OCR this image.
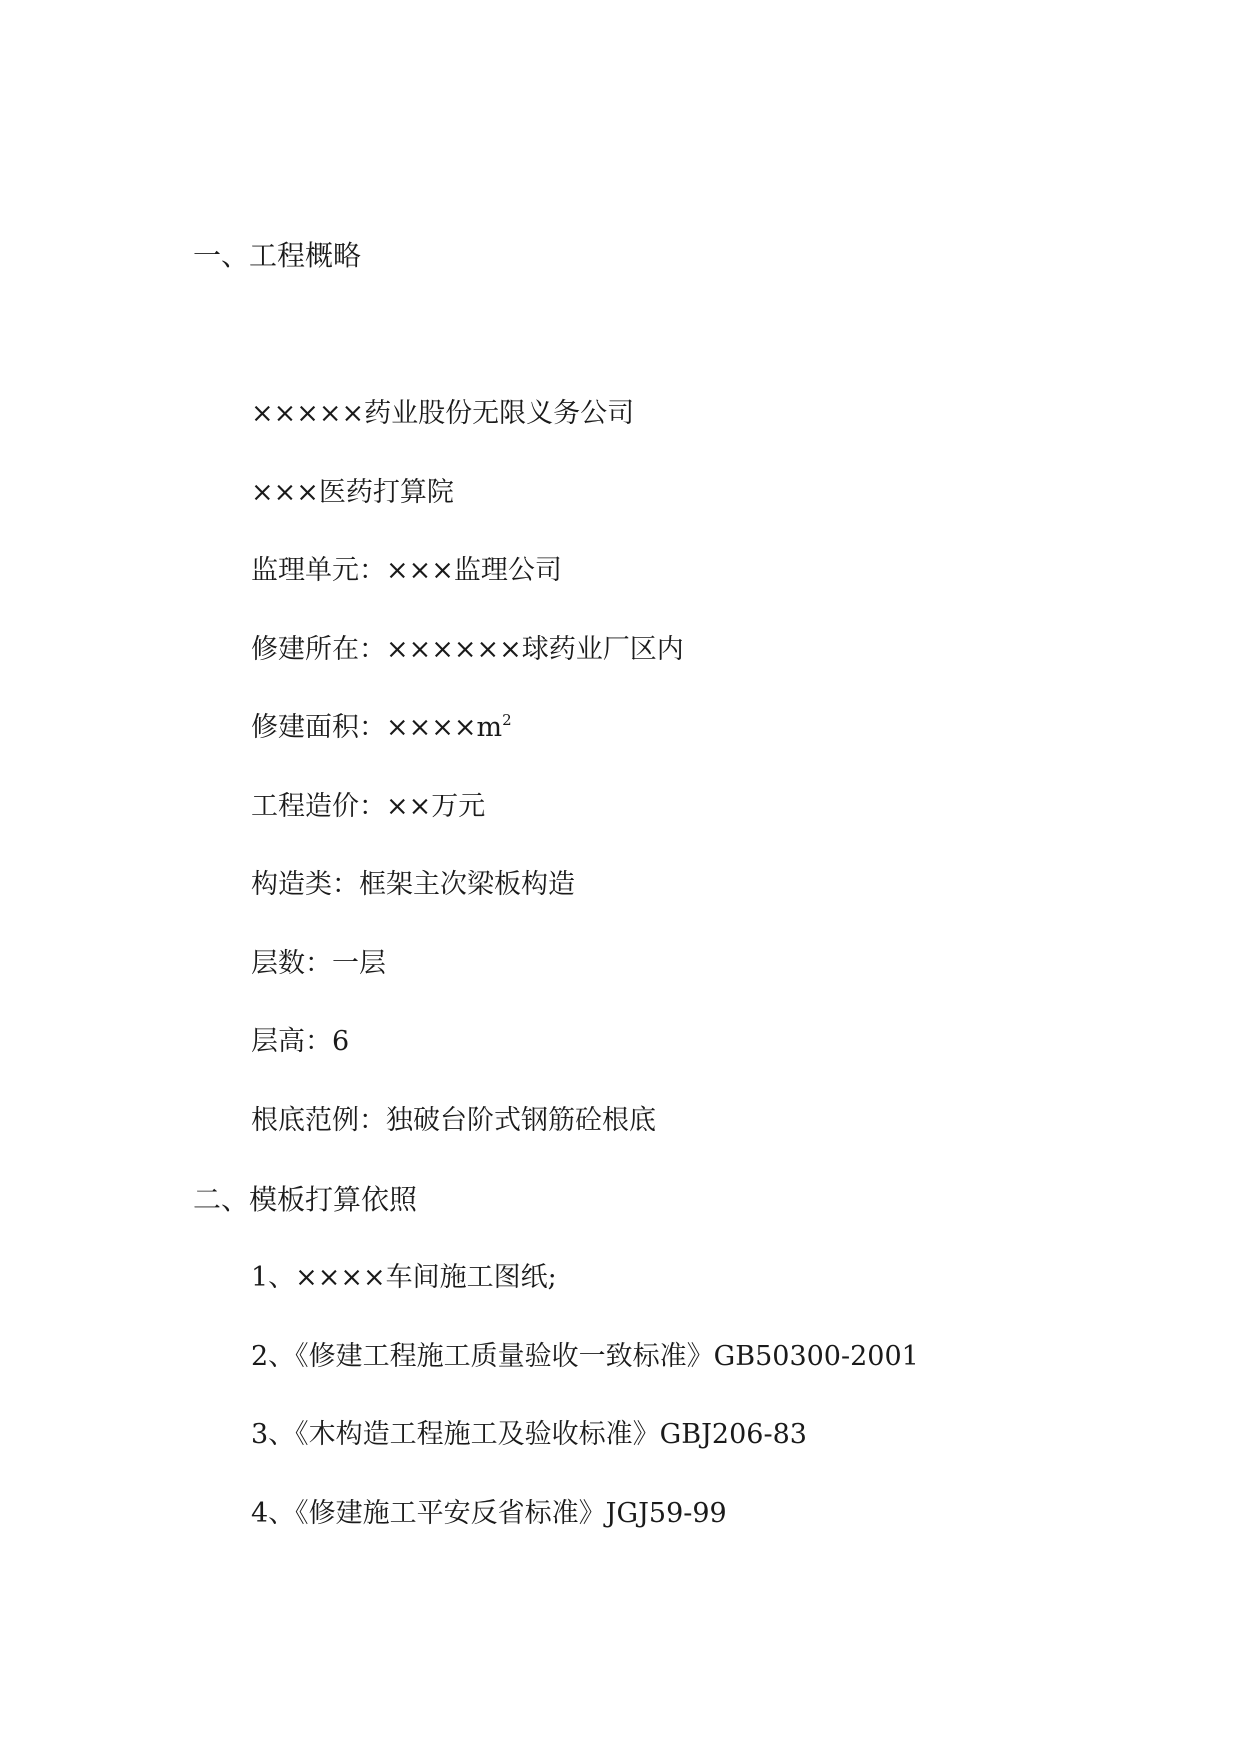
一、工程概略
×××××药业股份无限义务公司
×××医药打算院
监理单元：×××监理公司
修建所在：××××××球药业厂区内
修建面积：$\times\times\times\times m^2$
工程造价：××万元
构造类：框架主次梁板构造
层数：一层
层高：6
根底范例：独破台阶式钢筋砼根底
二、模板打算依照
1、××××车间施工图纸;
2、《修建工程施工质量验收一致标准》GB50300-2001
3、《木构造工程施工及验收标准》GBJ206-83
4、《修建施工平安反省标准》JGJ59-99
